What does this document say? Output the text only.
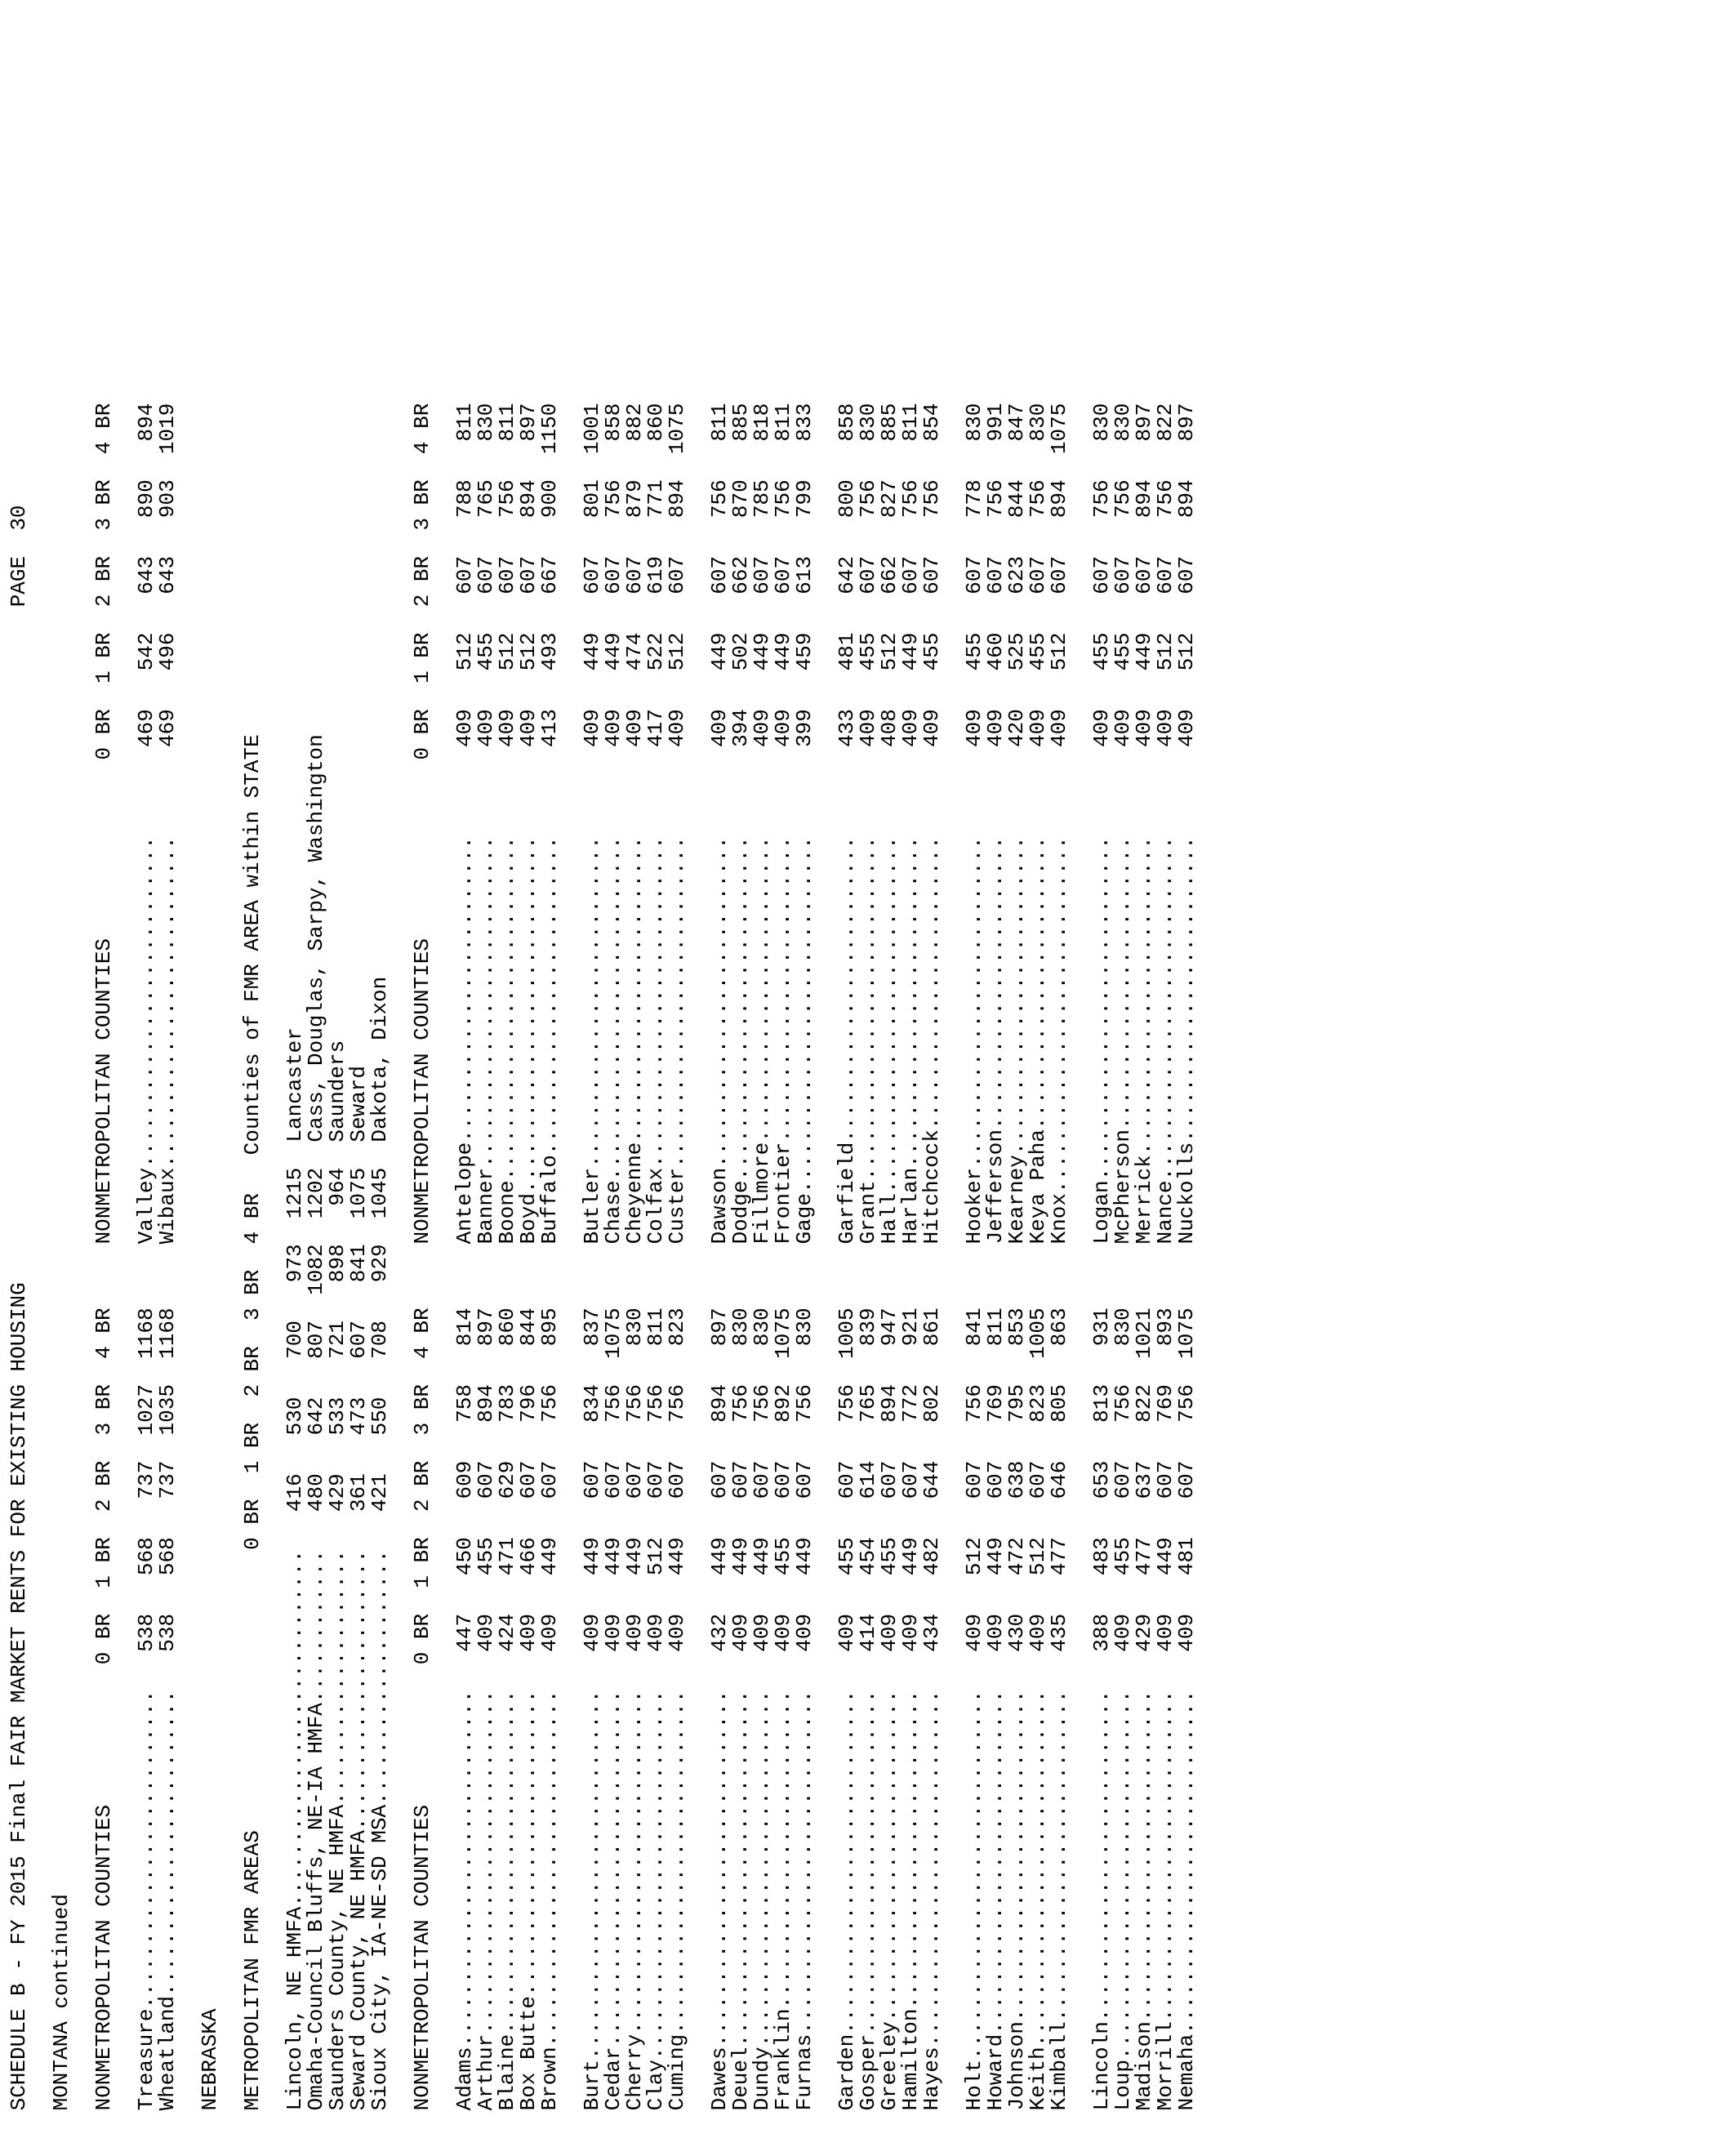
SCHEDULE B - FY 2015 Final FAIR MARKET RENTS FOR EXISTING HOUSING                                                     PAGE  30 MONTANA continued NONMETROPOLITAN COUNTIES           0 BR  1 BR  2 BR  3 BR  4 BR     NONMETROPOLITAN COUNTIES              0 BR  1 BR  2 BR  3 BR  4 BR Treasure.........................   538   568   737  1027  1168     Valley..........................       469   542   643   890   894
Wheatland........................   538   568   737  1035  1168     Wibaux..........................       469   496   643   903  1019 NEBRASKA METROPOLITAN FMR AREAS                      0 BR  1 BR  2 BR  3 BR  4 BR   Counties of FMR AREA within STATE Lincoln, NE HMFA............................   416   530   700   973  1215  Lancaster
Omaha-Council Bluffs, NE-IA HMFA............   480   642   807  1082  1202  Cass, Douglas, Sarpy, Washington
Saunders County, NE HMFA....................   429   533   721   898   964  Saunders
Seward County, NE HMFA......................   361   473   607   841  1075  Seward
Sioux City, IA-NE-SD MSA....................   421   550   708   929  1045  Dakota, Dixon NONMETROPOLITAN COUNTIES           0 BR  1 BR  2 BR  3 BR  4 BR     NONMETROPOLITAN COUNTIES              0 BR  1 BR  2 BR  3 BR  4 BR Adams............................   447   450   609   758   814     Antelope........................       409   512   607   788   811
Arthur...........................   409   455   607   894   897     Banner..........................       409   455   607   765   830
Blaine...........................   424   471   629   783   860     Boone...........................       409   512   607   756   811
Box Butte........................   409   466   607   796   844     Boyd............................       409   512   607   894   897
Brown............................   409   449   607   756   895     Buffalo.........................       413   493   667   900  1150 Burt.............................   409   449   607   834   837     Butler..........................       409   449   607   801  1001
Cedar............................   409   449   607   756  1075     Chase...........................       409   449   607   756   858
Cherry...........................   409   449   607   756   830     Cheyenne........................       409   474   607   879   882
Clay.............................   409   512   607   756   811     Colfax..........................       417   522   619   771   860
Cuming...........................   409   449   607   756   823     Custer..........................       409   512   607   894  1075 Dawes............................   432   449   607   894   897     Dawson..........................       409   449   607   756   811
Deuel............................   409   449   607   756   830     Dodge...........................       394   502   662   870   885
Dundy............................   409   449   607   756   830     Fillmore........................       409   449   607   785   818
Franklin.........................   409   455   607   892  1075     Frontier........................       409   449   607   756   811
Furnas...........................   409   449   607   756   830     Gage............................       399   459   613   799   833 Garden...........................   409   455   607   756  1005     Garfield........................       433   481   642   800   858
Gosper...........................   414   454   614   765   839     Grant...........................       409   455   607   756   830
Greeley..........................   409   455   607   894   947     Hall............................       408   512   662   827   885
Hamilton.........................   409   449   607   772   921     Harlan..........................       409   449   607   756   811
Hayes............................   434   482   644   802   861     Hitchcock.......................       409   455   607   756   854 Holt.............................   409   512   607   756   841     Hooker..........................       409   455   607   778   830
Howard...........................   409   449   607   769   811     Jefferson.......................       409   460   607   756   991
Johnson..........................   430   472   638   795   853     Kearney.........................       420   525   623   844   847
Keith............................   409   512   607   823  1005     Keya Paha.......................       409   455   607   756   830
Kimball..........................   435   477   646   805   863     Knox............................       409   512   607   894  1075 Lincoln..........................   388   483   653   813   931     Logan...........................       409   455   607   756   830
Loup.............................   409   455   607   756   830     McPherson.......................       409   455   607   756   830
Madison..........................   429   477   637   822  1021     Merrick.........................       409   449   607   894   897
Morrill..........................   409   449   607   769   893     Nance...........................       409   512   607   756   822
Nemaha...........................   409   481   607   756  1075     Nuckolls........................       409   512   607   894   897
